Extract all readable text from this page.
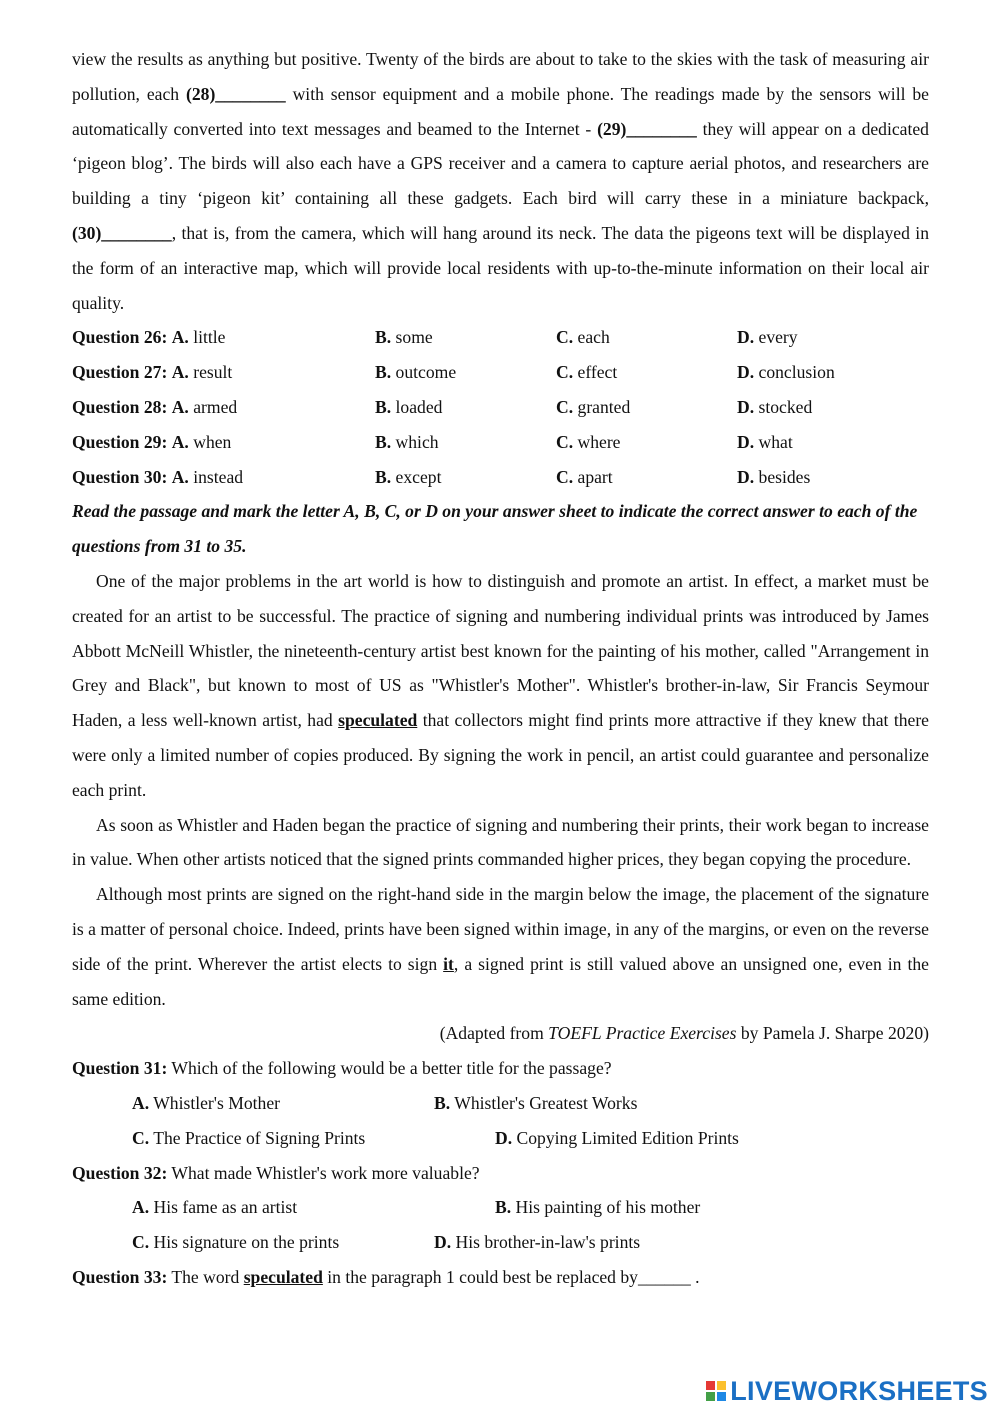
view the results as anything but positive. Twenty of the birds are about to take to the skies with the task of measuring air pollution, each (28)________ with sensor equipment and a mobile phone. The readings made by the sensors will be automatically converted into text messages and beamed to the Internet - (29)________ they will appear on a dedicated ‘pigeon blog’. The birds will also each have a GPS receiver and a camera to capture aerial photos, and researchers are building a tiny ‘pigeon kit’ containing all these gadgets. Each bird will carry these in a miniature backpack, (30)________, that is, from the camera, which will hang around its neck. The data the pigeons text will be displayed in the form of an interactive map, which will provide local residents with up-to-the-minute information on their local air quality.

Question 26: A. little	B. some	C. each	D. every
Question 27: A. result	B. outcome	C. effect	D. conclusion
Question 28: A. armed	B. loaded	C. granted	D. stocked
Question 29: A. when	B. which	C. where	D. what
Question 30: A. instead	B. except	C. apart	D. besides

Read the passage and mark the letter A, B, C, or D on your answer sheet to indicate the correct answer to each of the questions from 31 to 35.

One of the major problems in the art world is how to distinguish and promote an artist. In effect, a market must be created for an artist to be successful. The practice of signing and numbering individual prints was introduced by James Abbott McNeill Whistler, the nineteenth-century artist best known for the painting of his mother, called "Arrangement in Grey and Black", but known to most of US as "Whistler's Mother". Whistler's brother-in-law, Sir Francis Seymour Haden, a less well-known artist, had speculated that collectors might find prints more attractive if they knew that there were only a limited number of copies produced. By signing the work in pencil, an artist could guarantee and personalize each print.

As soon as Whistler and Haden began the practice of signing and numbering their prints, their work began to increase in value. When other artists noticed that the signed prints commanded higher prices, they began copying the procedure.

Although most prints are signed on the right-hand side in the margin below the image, the placement of the signature is a matter of personal choice. Indeed, prints have been signed within image, in any of the margins, or even on the reverse side of the print. Wherever the artist elects to sign it, a signed print is still valued above an unsigned one, even in the same edition.

(Adapted from TOEFL Practice Exercises by Pamela J. Sharpe 2020)
Question 31: Which of the following would be a better title for the passage?
A. Whistler's Mother	B. Whistler's Greatest Works
C. The Practice of Signing Prints	D. Copying Limited Edition Prints
Question 32: What made Whistler's work more valuable?
A. His fame as an artist	B. His painting of his mother
C. His signature on the prints	D. His brother-in-law's prints
Question 33: The word speculated in the paragraph 1 could best be replaced by______ .
LIVEWORKSHEETS
